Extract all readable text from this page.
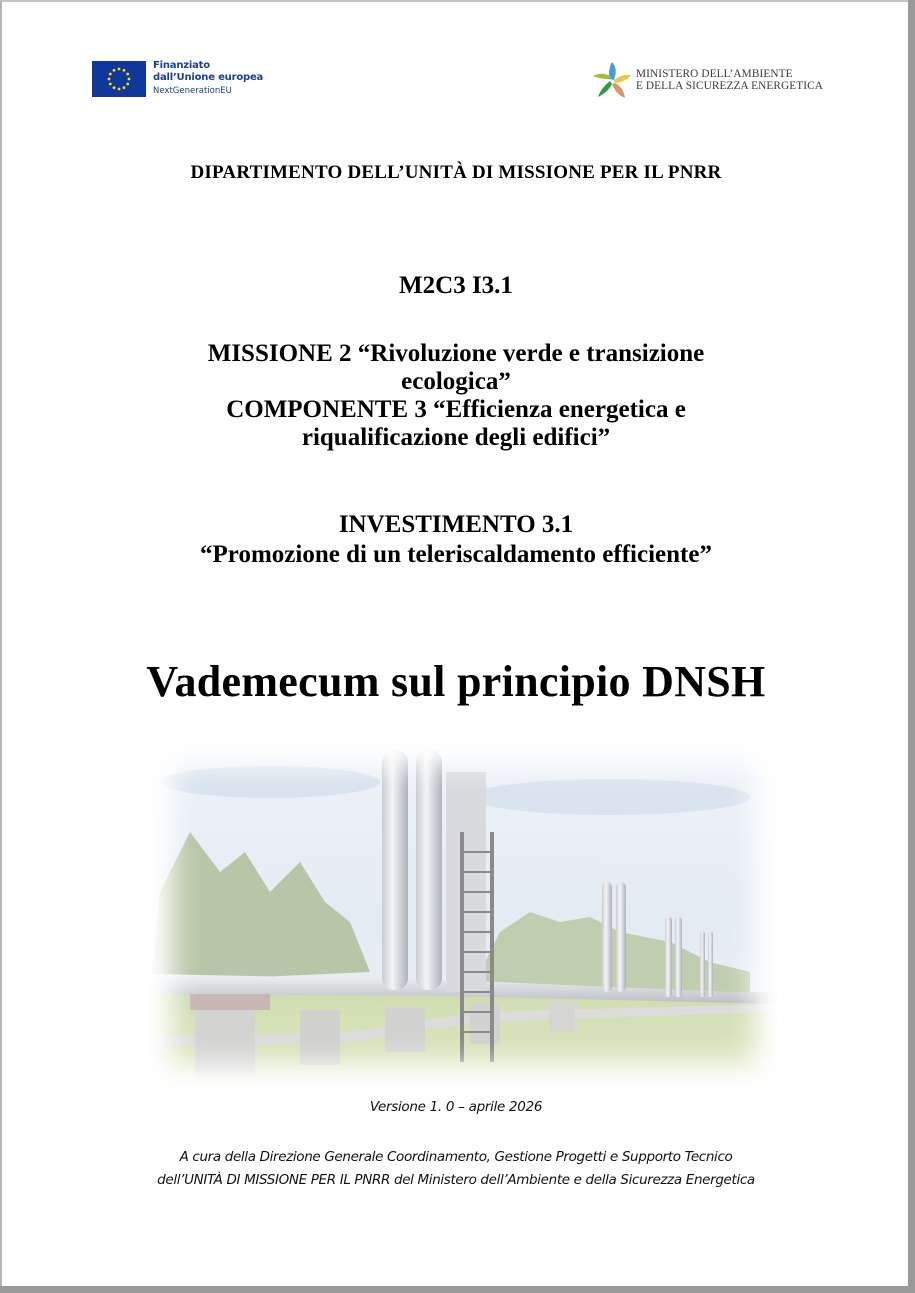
Finanziato
dall’Unione europea
NextGenerationEU
MINISTERO DELL’AMBIENTE
E DELLA SICUREZZA ENERGETICA
DIPARTIMENTO DELL’UNITÀ DI MISSIONE PER IL PNRR
M2C3 I3.1
MISSIONE 2 “Rivoluzione verde e transizione
ecologica”
COMPONENTE 3 “Efficienza energetica e
riqualificazione degli edifici”
INVESTIMENTO 3.1
“Promozione di un teleriscaldamento efficiente”
Vademecum sul principio DNSH
Versione 1. 0 – aprile 2026
A cura della Direzione Generale Coordinamento, Gestione Progetti e Supporto Tecnico
dell’UNITÀ DI MISSIONE PER IL PNRR del Ministero dell’Ambiente e della Sicurezza Energetica
